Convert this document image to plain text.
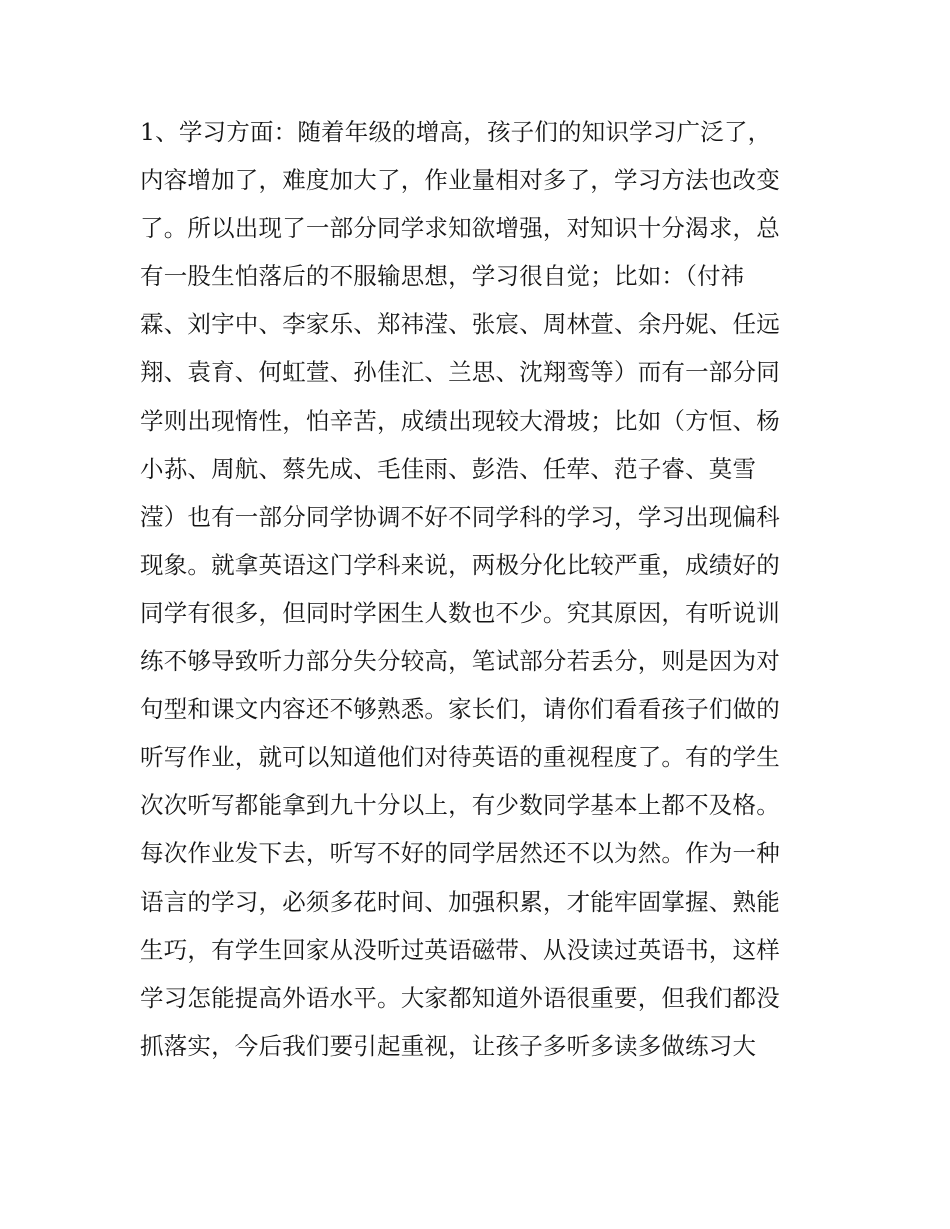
1、学习方面：随着年级的增高，孩子们的知识学习广泛了，
内容增加了，难度加大了，作业量相对多了，学习方法也改变
了。所以出现了一部分同学求知欲增强，对知识十分渴求，总
有一股生怕落后的不服输思想，学习很自觉；比如：（付祎
霖、刘宇中、李家乐、郑祎滢、张宸、周林萱、余丹妮、任远
翔、袁育、何虹萱、孙佳汇、兰思、沈翔鸾等）而有一部分同
学则出现惰性，怕辛苦，成绩出现较大滑坡；比如（方恒、杨
小荪、周航、蔡先成、毛佳雨、彭浩、任荦、范子睿、莫雪
滢）也有一部分同学协调不好不同学科的学习，学习出现偏科
现象。就拿英语这门学科来说，两极分化比较严重，成绩好的
同学有很多，但同时学困生人数也不少。究其原因，有听说训
练不够导致听力部分失分较高，笔试部分若丢分，则是因为对
句型和课文内容还不够熟悉。家长们，请你们看看孩子们做的
听写作业，就可以知道他们对待英语的重视程度了。有的学生
次次听写都能拿到九十分以上，有少数同学基本上都不及格。
每次作业发下去，听写不好的同学居然还不以为然。作为一种
语言的学习，必须多花时间、加强积累，才能牢固掌握、熟能
生巧，有学生回家从没听过英语磁带、从没读过英语书，这样
学习怎能提高外语水平。大家都知道外语很重要，但我们都没
抓落实，今后我们要引起重视，让孩子多听多读多做练习大
